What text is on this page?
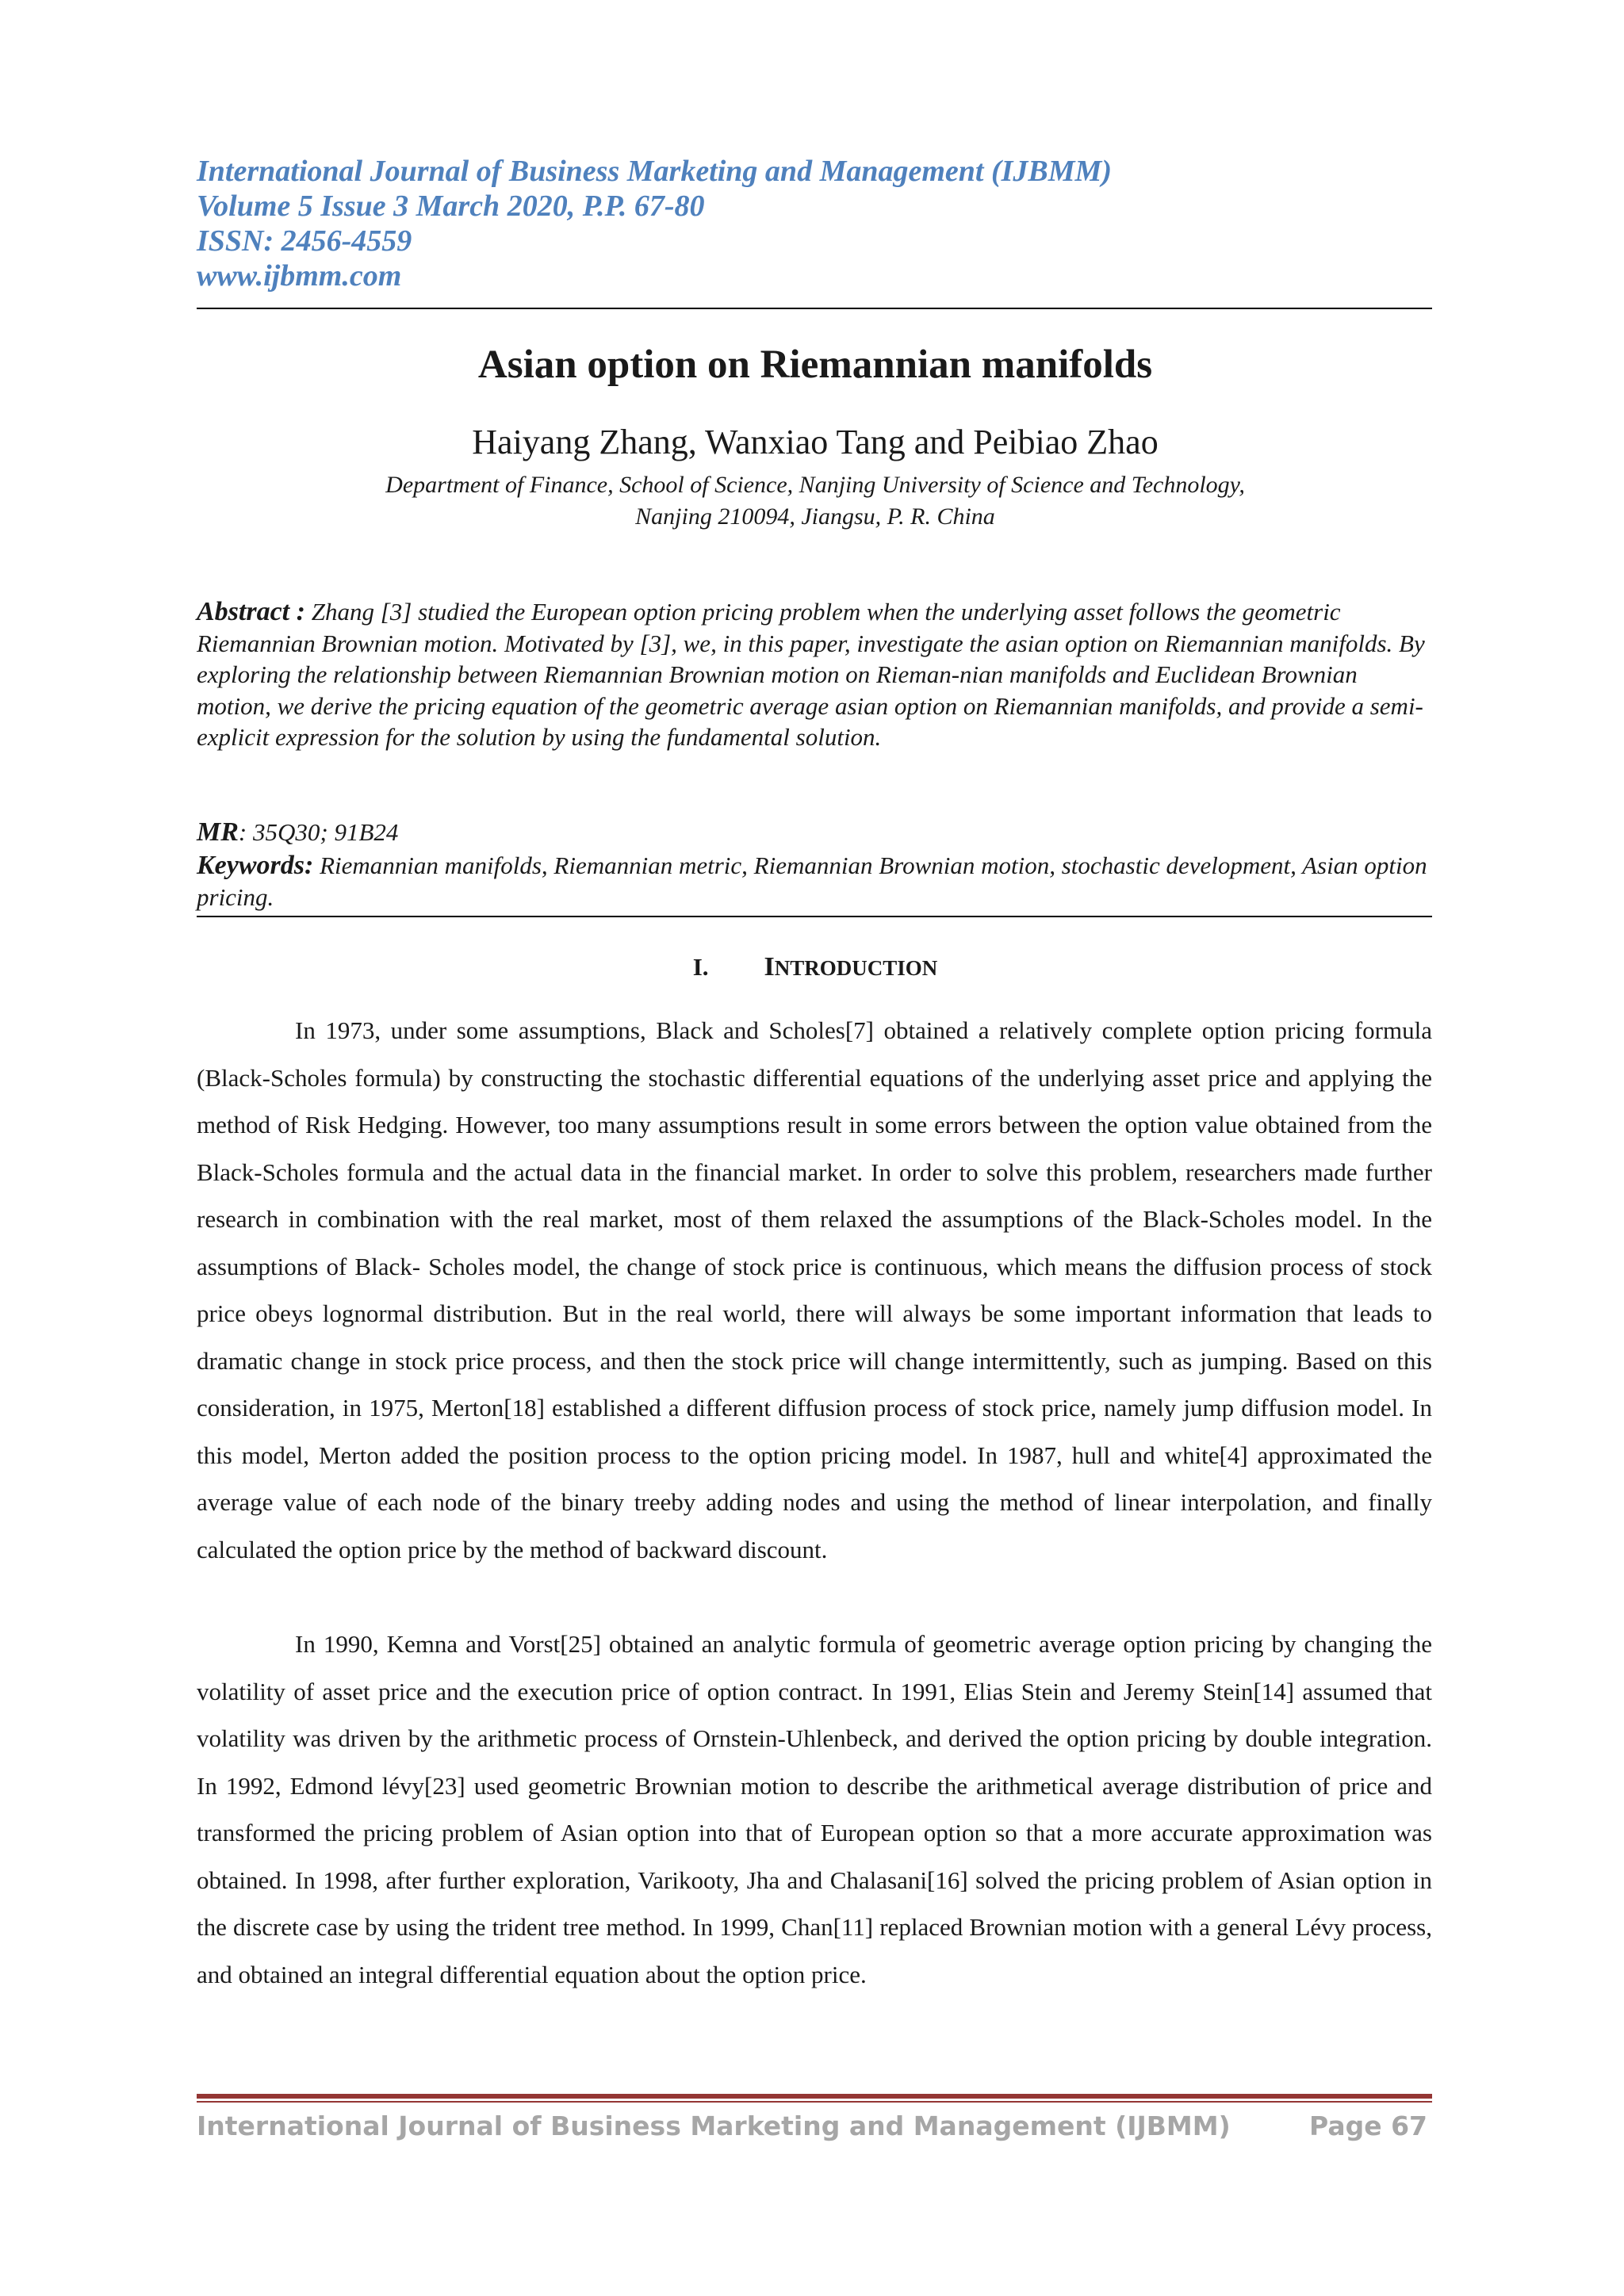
International Journal of Business Marketing and Management (IJBMM)
Volume 5 Issue 3 March 2020, P.P. 67-80
ISSN: 2456-4559
www.ijbmm.com
Asian option on Riemannian manifolds
Haiyang Zhang, Wanxiao Tang and Peibiao Zhao
Department of Finance, School of Science, Nanjing University of Science and Technology,
Nanjing 210094, Jiangsu, P. R. China
Abstract : Zhang [3] studied the European option pricing problem when the underlying asset follows the geometric Riemannian Brownian motion. Motivated by [3], we, in this paper, investigate the asian option on Riemannian manifolds. By exploring the relationship between Riemannian Brownian motion on Rieman-nian manifolds and Euclidean Brownian motion, we derive the pricing equation of the geometric average asian option on Riemannian manifolds, and provide a semi-explicit expression for the solution by using the fundamental solution.
MR: 35Q30; 91B24
Keywords: Riemannian manifolds, Riemannian metric, Riemannian Brownian motion, stochastic development, Asian option pricing.
I. INTRODUCTION

In 1973, under some assumptions, Black and Scholes[7] obtained a relatively complete option pricing formula (Black-Scholes formula) by constructing the stochastic differential equations of the underlying asset price and applying the method of Risk Hedging. However, too many assumptions result in some errors between the option value obtained from the Black-Scholes formula and the actual data in the financial market. In order to solve this problem, researchers made further research in combination with the real market, most of them relaxed the assumptions of the Black-Scholes model. In the assumptions of Black- Scholes model, the change of stock price is continuous, which means the diffusion process of stock price obeys lognormal distribution. But in the real world, there will always be some important information that leads to dramatic change in stock price process, and then the stock price will change intermittently, such as jumping. Based on this consideration, in 1975, Merton[18] established a different diffusion process of stock price, namely jump diffusion model. In this model, Merton added the position process to the option pricing model. In 1987, hull and white[4] approximated the average value of each node of the binary treeby adding nodes and using the method of linear interpolation, and finally calculated the option price by the method of backward discount.

In 1990, Kemna and Vorst[25] obtained an analytic formula of geometric average option pricing by changing the volatility of asset price and the execution price of option contract. In 1991, Elias Stein and Jeremy Stein[14] assumed that volatility was driven by the arithmetic process of Ornstein-Uhlenbeck, and derived the option pricing by double integration. In 1992, Edmond lévy[23] used geometric Brownian motion to describe the arithmetical average distribution of price and transformed the pricing problem of Asian option into that of European option so that a more accurate approximation was obtained. In 1998, after further exploration, Varikooty, Jha and Chalasani[16] solved the pricing problem of Asian option in the discrete case by using the trident tree method. In 1999, Chan[11] replaced Brownian motion with a general Lévy process, and obtained an integral differential equation about the option price.

International Journal of Business Marketing and Management (IJBMM)	Page 67
